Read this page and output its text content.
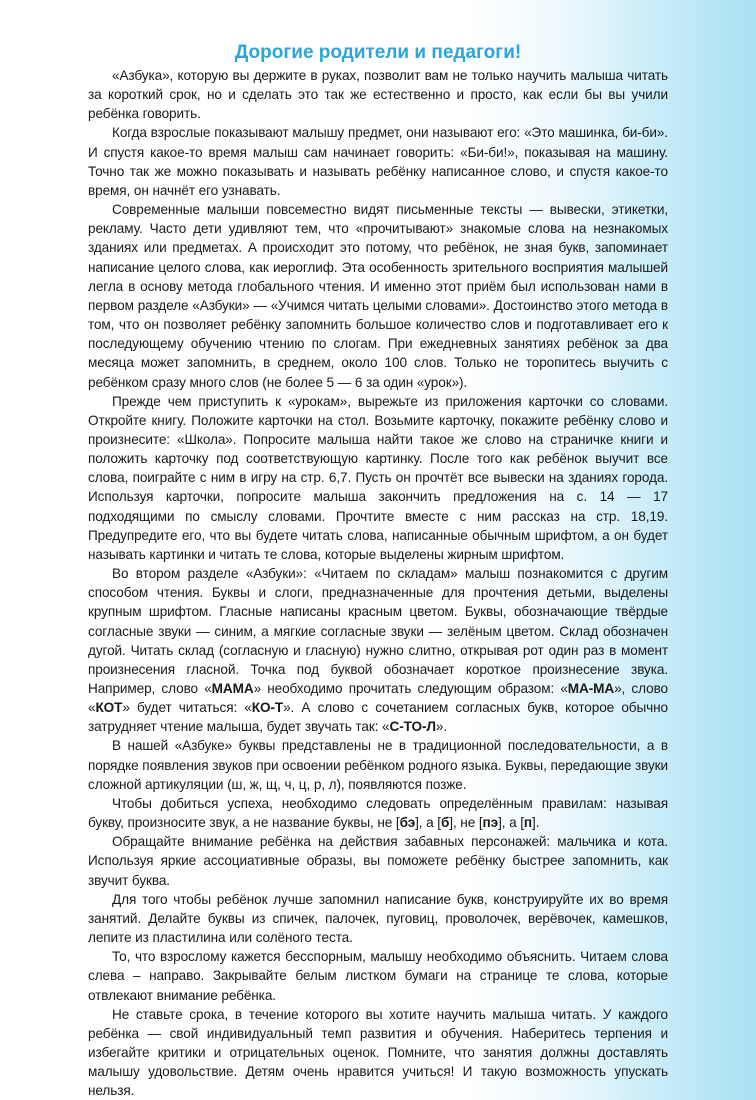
Дорогие родители и педагоги!

«Азбука», которую вы держите в руках, позволит вам не только научить малыша читать за короткий срок, но и сделать это так же естественно и просто, как если бы вы учили ребёнка говорить.

Когда взрослые показывают малышу предмет, они называют его: «Это машинка, би-би». И спустя какое-то время малыш сам начинает говорить: «Би-би!», показывая на машину. Точно так же можно показывать и называть ребёнку написанное слово, и спустя какое-то время, он начнёт его узнавать.

Современные малыши повсеместно видят письменные тексты — вывески, этикетки, рекламу. Часто дети удивляют тем, что «прочитывают» знакомые слова на незнакомых зданиях или предметах. А происходит это потому, что ребёнок, не зная букв, запоминает написание целого слова, как иероглиф. Эта особенность зрительного восприятия малышей легла в основу метода глобального чтения. И именно этот приём был использован нами в первом разделе «Азбуки» — «Учимся читать целыми словами». Достоинство этого метода в том, что он позволяет ребёнку запомнить большое количество слов и подготавливает его к последующему обучению чтению по слогам. При ежедневных занятиях ребёнок за два месяца может запомнить, в среднем, около 100 слов. Только не торопитесь выучить с ребёнком сразу много слов (не более 5 — 6 за один «урок»).

Прежде чем приступить к «урокам», вырежьте из приложения карточки со словами. Откройте книгу. Положите карточки на стол. Возьмите карточку, покажите ребёнку слово и произнесите: «Школа». Попросите малыша найти такое же слово на страничке книги и положить карточку под соответствующую картинку. После того как ребёнок выучит все слова, поиграйте с ним в игру на стр. 6,7. Пусть он прочтёт все вывески на зданиях города. Используя карточки, попросите малыша закончить предложения на с. 14 — 17 подходящими по смыслу словами. Прочтите вместе с ним рассказ на стр. 18,19. Предупредите его, что вы будете читать слова, написанные обычным шрифтом, а он будет называть картинки и читать те слова, которые выделены жирным шрифтом.

Во втором разделе «Азбуки»: «Читаем по складам» малыш познакомится с другим способом чтения. Буквы и слоги, предназначенные для прочтения детьми, выделены крупным шрифтом. Гласные написаны красным цветом. Буквы, обозначающие твёрдые согласные звуки — синим, а мягкие согласные звуки — зелёным цветом. Склад обозначен дугой. Читать склад (согласную и гласную) нужно слитно, открывая рот один раз в момент произнесения гласной. Точка под буквой обозначает короткое произнесение звука. Например, слово «МАМА» необходимо прочитать следующим образом: «МА-МА», слово «КОТ» будет читаться: «КО-Т». А слово с сочетанием согласных букв, которое обычно затрудняет чтение малыша, будет звучать так: «С-ТО-Л».

В нашей «Азбуке» буквы представлены не в традиционной последовательности, а в порядке появления звуков при освоении ребёнком родного языка. Буквы, передающие звуки сложной артикуляции (ш, ж, щ, ч, ц, р, л), появляются позже.

Чтобы добиться успеха, необходимо следовать определённым правилам: называя букву, произносите звук, а не название буквы, не [бэ], а [б], не [пэ], а [п].

Обращайте внимание ребёнка на действия забавных персонажей: мальчика и кота. Используя яркие ассоциативные образы, вы поможете ребёнку быстрее запомнить, как звучит буква.

Для того чтобы ребёнок лучше запомнил написание букв, конструируйте их во время занятий. Делайте буквы из спичек, палочек, пуговиц, проволочек, верёвочек, камешков, лепите из пластилина или солёного теста.

То, что взрослому кажется бесспорным, малышу необходимо объяснить. Читаем слова слева – направо. Закрывайте белым листком бумаги на странице те слова, которые отвлекают внимание ребёнка.

Не ставьте срока, в течение которого вы хотите научить малыша читать. У каждого ребёнка — свой индивидуальный темп развития и обучения. Наберитесь терпения и избегайте критики и отрицательных оценок. Помните, что занятия должны доставлять малышу удовольствие. Детям очень нравится учиться! И такую возможность упускать нельзя.
